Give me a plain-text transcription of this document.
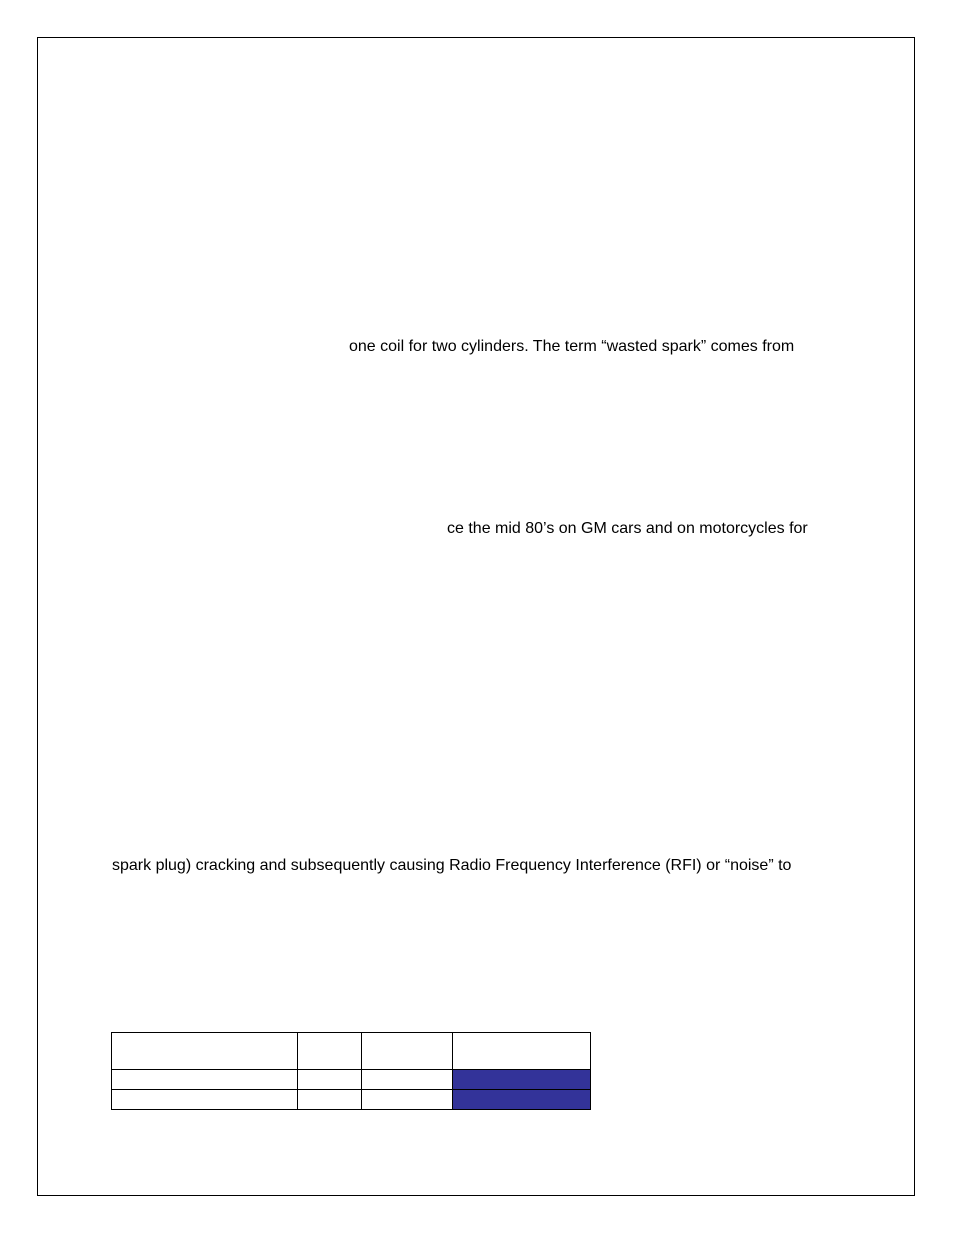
one coil for two cylinders. The term “wasted spark” comes from
ce the mid 80’s on GM cars and on motorcycles for
spark plug) cracking and subsequently causing Radio Frequency Interference (RFI) or “noise” to
